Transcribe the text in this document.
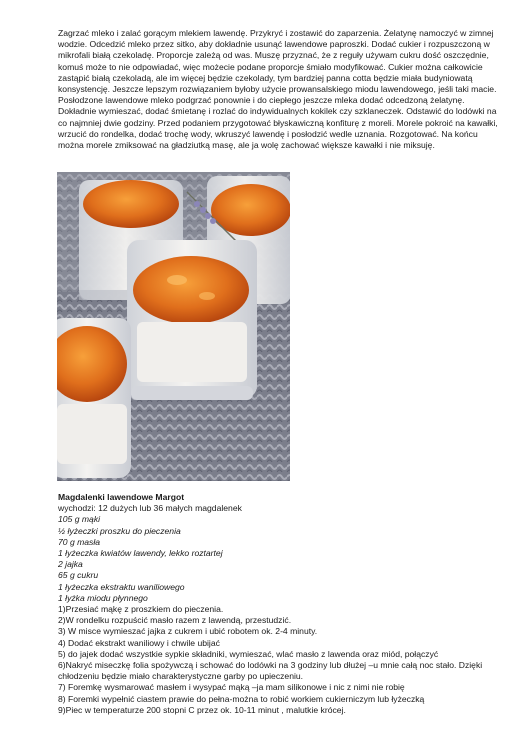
Zagrzać mleko i zalać gorącym mlekiem lawendę. Przykryć i zostawić do zaparzenia. Żelatynę namoczyć w zimnej wodzie. Odcedzić mleko przez sitko, aby dokładnie usunąć lawendowe paproszki. Dodać cukier i rozpuszczoną w mikrofali białą czekoladę. Proporcje zależą od was. Muszę przyznać, że z reguły używam cukru dość oszczędnie, komuś może to nie odpowiadać, więc możecie podane proporcje śmiało modyfikować. Cukier można całkowicie zastąpić białą czekoladą, ale im więcej będzie czekolady, tym bardziej panna cotta będzie miała budyniowatą konsystencję. Jeszcze lepszym rozwiązaniem byłoby użycie prowansalskiego miodu lawendowego, jeśli taki macie. Posłodzone lawendowe mleko podgrzać ponownie i do ciepłego jeszcze mleka dodać odcedzoną żelatynę. Dokładnie wymieszać, dodać śmietanę i rozlać do indywidualnych kokilek czy szklaneczek. Odstawić do lodówki na co najmniej dwie godziny. Przed podaniem przygotować błyskawiczną konfiturę z moreli. Morele pokroić na kawałki, wrzucić do rondelka, dodać trochę wody, wkruszyć lawendę i posłodzić wedle uznania. Rozgotować. Na końcu można morele zmiksować na gładziutką masę, ale ja wolę zachować większe kawałki i nie miksuję.

Magdalenki lawendowe Margot
wychodzi: 12 dużych lub 36 małych magdalenek
105 g mąki
½ łyżeczki proszku do pieczenia
70 g masła
1 łyżeczka kwiatów lawendy, lekko roztartej
2 jajka
65 g cukru
1 łyżeczka ekstraktu waniliowego
1 łyżka miodu płynnego
1)Przesiać mąkę z proszkiem do pieczenia.
2)W rondelku rozpuścić masło razem z lawendą, przestudzić.
3) W misce wymieszać jajka z cukrem i ubić robotem ok. 2-4 minuty.
4) Dodać ekstrakt waniliowy i chwile ubijać
5) do jajek dodać wszystkie sypkie składniki, wymieszać, wlać masło z lawenda oraz miód, połączyć
6)Nakryć miseczkę folia spożywczą i schować do lodówki na 3 godziny lub dłużej –u mnie całą noc stało. Dzięki chłodzeniu będzie miało charakterystyczne garby po upieczeniu.
7) Foremkę wysmarować masłem i wysypać mąką –ja mam silikonowe i nic z nimi nie robię
8) Foremki wypełnić ciastem prawie do pełna-można to robić workiem cukierniczym lub łyżeczką
9)Piec w temperaturze 200 stopni C przez ok. 10-11 minut , malutkie krócej.
